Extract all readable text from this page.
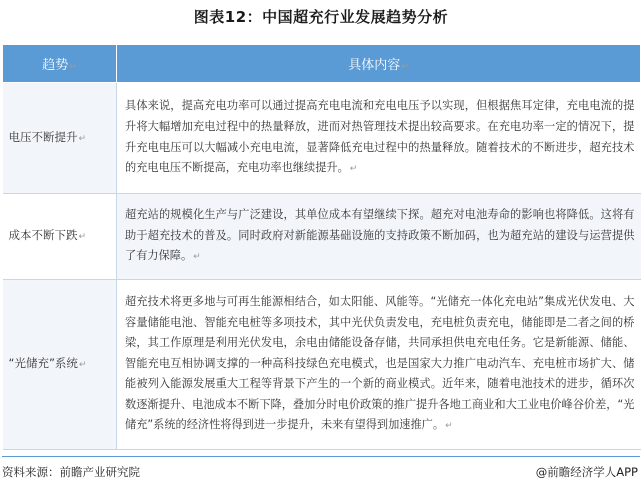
图表12：中国超充行业发展趋势分析
趋势↵	具体内容↵
电压不断提升↵	具体来说，提高充电功率可以通过提高充电电流和充电电压予以实现，但根据焦耳定律，充电电流的提升将大幅增加充电过程中的热量释放，进而对热管理技术提出较高要求。在充电功率一定的情况下，提升充电电压可以大幅减小充电电流，显著降低充电过程中的热量释放。随着技术的不断进步，超充技术的充电电压不断提高，充电功率也继续提升。↵
成本不断下跌↵	超充站的规模化生产与广泛建设，其单位成本有望继续下探。超充对电池寿命的影响也将降低。这将有助于超充技术的普及。同时政府对新能源基础设施的支持政策不断加码，也为超充站的建设与运营提供了有力保障。↵
“光储充”系统↵	超充技术将更多地与可再生能源相结合，如太阳能、风能等。“光储充一体化充电站”集成光伏发电、大容量储能电池、智能充电桩等多项技术，其中光伏负责发电，充电桩负责充电，储能即是二者之间的桥梁，其工作原理是利用光伏发电，余电由储能设备存储，共同承担供电充电任务。它是新能源、储能、智能充电互相协调支撑的一种高科技绿色充电模式，也是国家大力推广电动汽车、充电桩市场扩大、储能被列入能源发展重大工程等背景下产生的一个新的商业模式。近年来，随着电池技术的进步，循环次数逐渐提升、电池成本不断下降，叠加分时电价政策的推广提升各地工商业和大工业电价峰谷价差，“光储充”系统的经济性将得到进一步提升，未来有望得到加速推广。↵
资料来源：前瞻产业研究院	@前瞻经济学人APP
